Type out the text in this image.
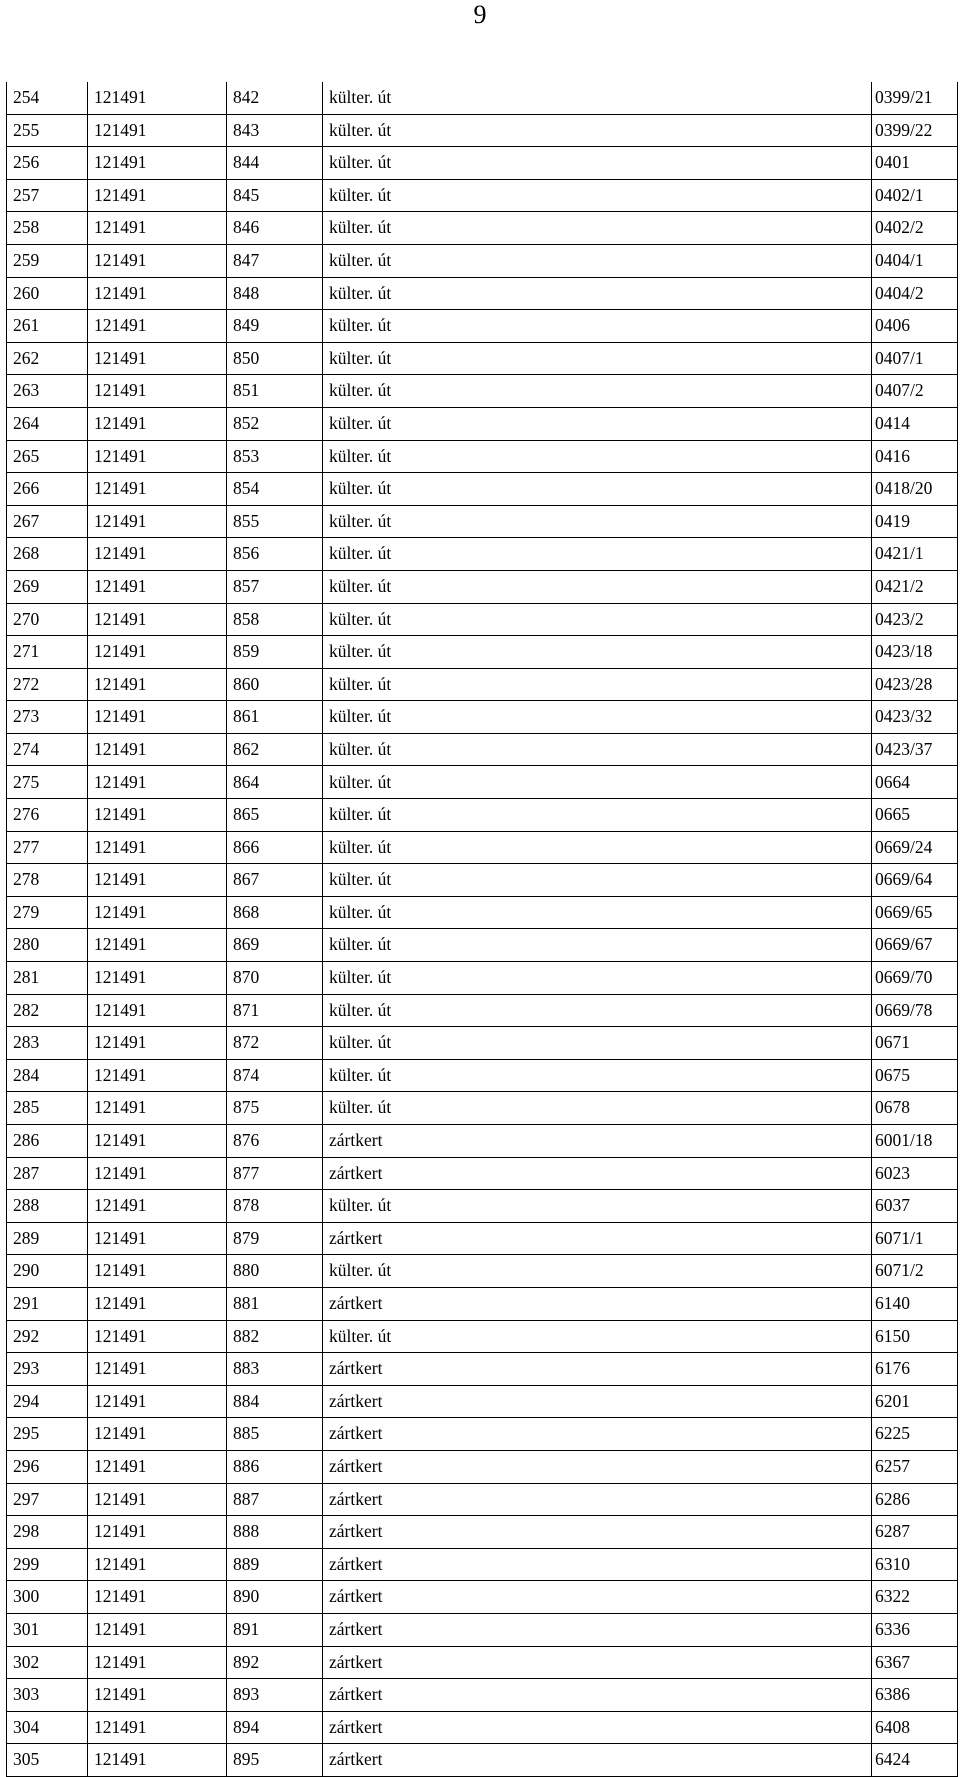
9
254	121491	842	külter. út	0399/21
255	121491	843	külter. út	0399/22
256	121491	844	külter. út	0401
257	121491	845	külter. út	0402/1
258	121491	846	külter. út	0402/2
259	121491	847	külter. út	0404/1
260	121491	848	külter. út	0404/2
261	121491	849	külter. út	0406
262	121491	850	külter. út	0407/1
263	121491	851	külter. út	0407/2
264	121491	852	külter. út	0414
265	121491	853	külter. út	0416
266	121491	854	külter. út	0418/20
267	121491	855	külter. út	0419
268	121491	856	külter. út	0421/1
269	121491	857	külter. út	0421/2
270	121491	858	külter. út	0423/2
271	121491	859	külter. út	0423/18
272	121491	860	külter. út	0423/28
273	121491	861	külter. út	0423/32
274	121491	862	külter. út	0423/37
275	121491	864	külter. út	0664
276	121491	865	külter. út	0665
277	121491	866	külter. út	0669/24
278	121491	867	külter. út	0669/64
279	121491	868	külter. út	0669/65
280	121491	869	külter. út	0669/67
281	121491	870	külter. út	0669/70
282	121491	871	külter. út	0669/78
283	121491	872	külter. út	0671
284	121491	874	külter. út	0675
285	121491	875	külter. út	0678
286	121491	876	zártkert	6001/18
287	121491	877	zártkert	6023
288	121491	878	külter. út	6037
289	121491	879	zártkert	6071/1
290	121491	880	külter. út	6071/2
291	121491	881	zártkert	6140
292	121491	882	külter. út	6150
293	121491	883	zártkert	6176
294	121491	884	zártkert	6201
295	121491	885	zártkert	6225
296	121491	886	zártkert	6257
297	121491	887	zártkert	6286
298	121491	888	zártkert	6287
299	121491	889	zártkert	6310
300	121491	890	zártkert	6322
301	121491	891	zártkert	6336
302	121491	892	zártkert	6367
303	121491	893	zártkert	6386
304	121491	894	zártkert	6408
305	121491	895	zártkert	6424
